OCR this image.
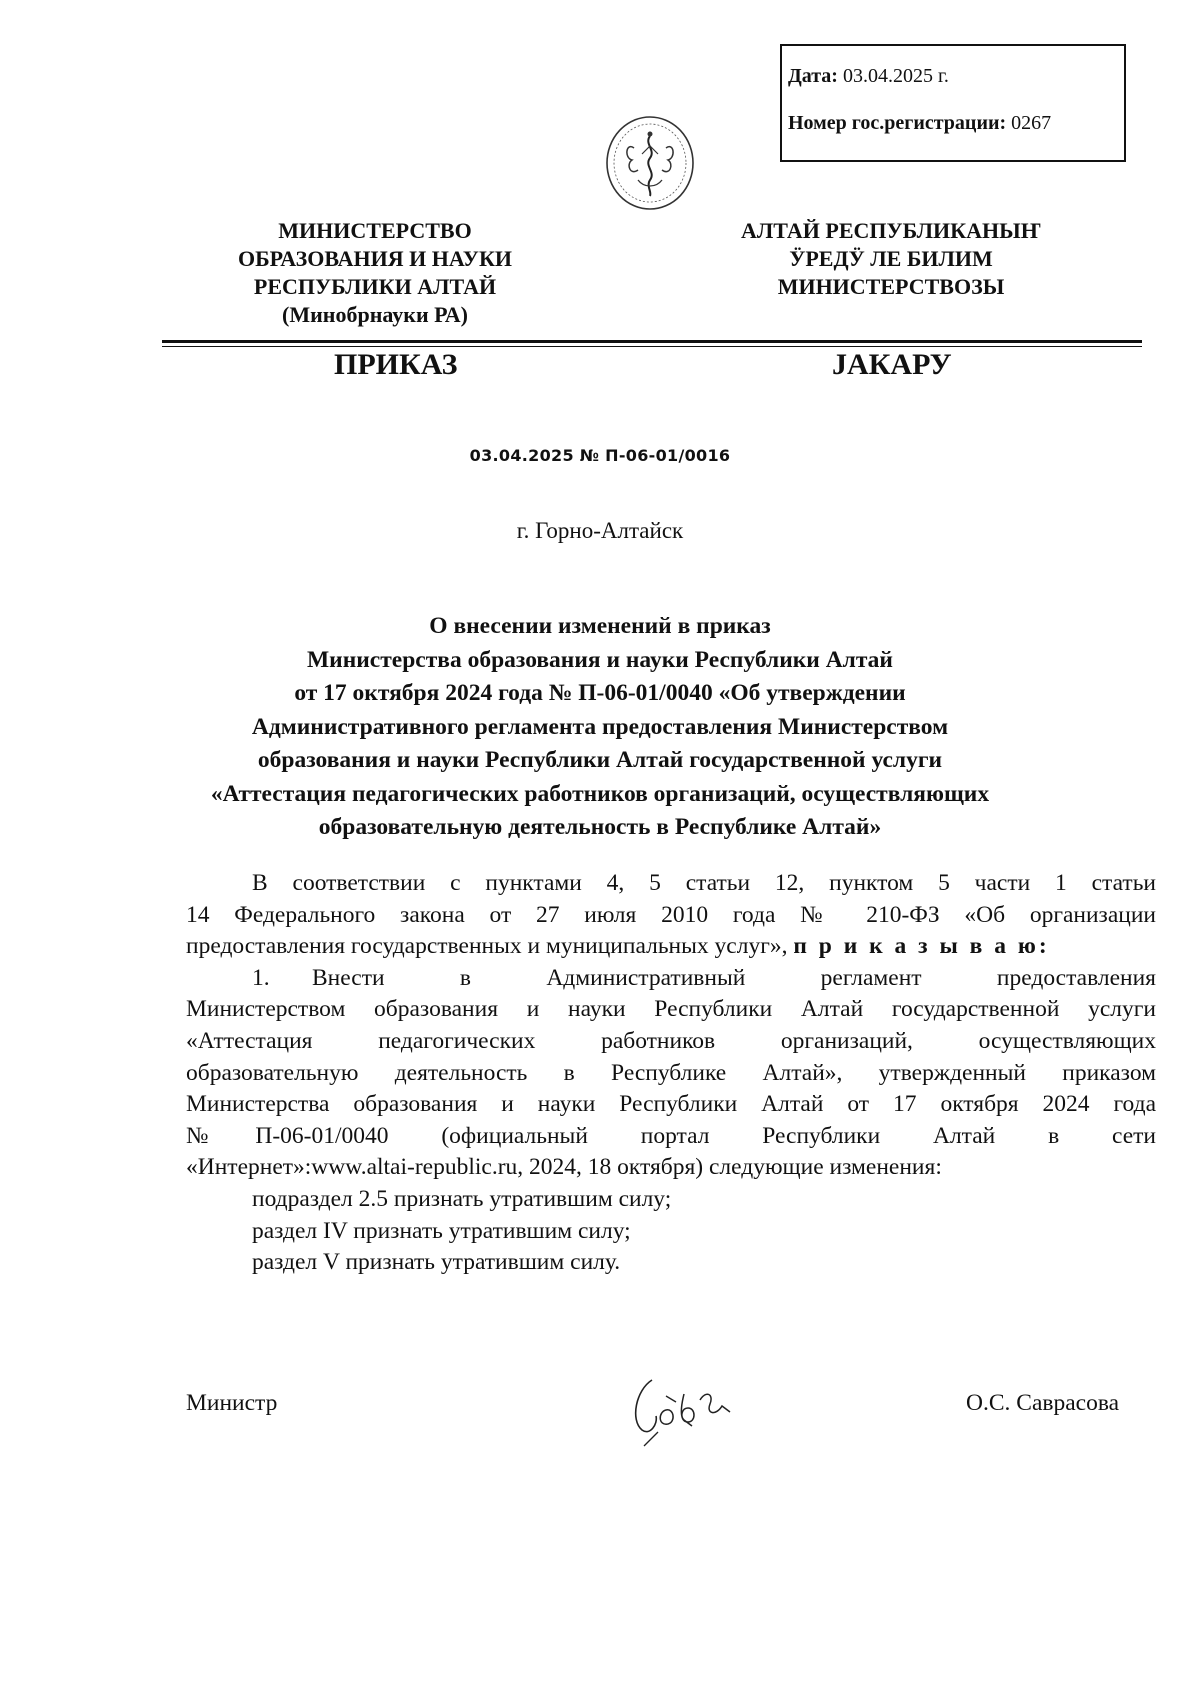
Дата: 03.04.2025 г.
Номер гос.регистрации: 0267
МИНИСТЕРСТВО
ОБРАЗОВАНИЯ И НАУКИ
РЕСПУБЛИКИ АЛТАЙ
(Минобрнауки РА)
АЛТАЙ РЕСПУБЛИКАНЫҤ
ӰРЕДӰ ЛЕ БИЛИМ
МИНИСТЕРСТВОЗЫ
ПРИКАЗ	JАКАРУ
03.04.2025 № П-06-01/0016
г. Горно-Алтайск
О внесении изменений в приказ
Министерства образования и науки Республики Алтай
от 17 октября 2024 года № П-06-01/0040 «Об утверждении
Административного регламента предоставления Министерством
образования и науки Республики Алтай государственной услуги
«Аттестация педагогических работников организаций, осуществляющих
образовательную деятельность в Республике Алтай»
В соответствии с пунктами 4, 5 статьи 12, пунктом 5 части 1 статьи
14 Федерального закона от 27 июля 2010 года № 210-ФЗ «Об организации
предоставления государственных и муниципальных услуг», п р и к а з ы в а ю:
1. Внести в Административный регламент предоставления
Министерством образования и науки Республики Алтай государственной услуги
«Аттестация педагогических работников организаций, осуществляющих
образовательную деятельность в Республике Алтай», утвержденный приказом
Министерства образования и науки Республики Алтай от 17 октября 2024 года
№П-06-01/0040 (официальный портал Республики Алтай в сети
«Интернет»:www.altai-republic.ru, 2024, 18 октября) следующие изменения:
подраздел 2.5 признать утратившим силу;
раздел IV признать утратившим силу;
раздел V признать утратившим силу.
Министр	О.С. Саврасова
